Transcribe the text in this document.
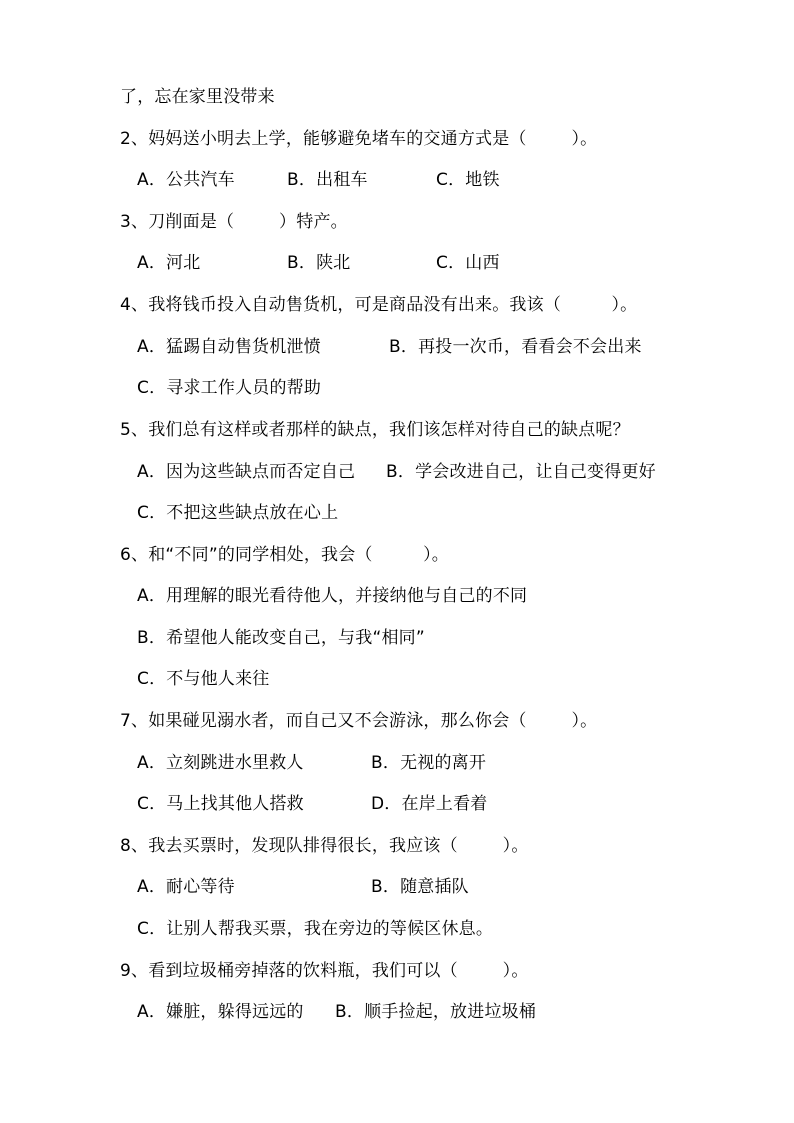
了，忘在家里没带来
2、妈妈送小明去上学，能够避免堵车的交通方式是（        ）。
A．公共汽车	B．出租车	C．地铁
3、刀削面是（        ）特产。
A．河北	B．陕北	C．山西
4、我将钱币投入自动售货机，可是商品没有出来。我该（         ）。
A．猛踢自动售货机泄愤	B．再投一次币，看看会不会出来
C．寻求工作人员的帮助
5、我们总有这样或者那样的缺点，我们该怎样对待自己的缺点呢？
A．因为这些缺点而否定自己 B．学会改进自己，让自己变得更好
C．不把这些缺点放在心上
6、和“不同”的同学相处，我会（         ）。
A．用理解的眼光看待他人，并接纳他与自己的不同
B．希望他人能改变自己，与我“相同”
C．不与他人来往
7、如果碰见溺水者，而自己又不会游泳，那么你会（        ）。
A．立刻跳进水里救人	B．无视的离开
C．马上找其他人搭救	D．在岸上看着
8、我去买票时，发现队排得很长，我应该（        ）。
A．耐心等待	B．随意插队
C．让别人帮我买票，我在旁边的等候区休息。
9、看到垃圾桶旁掉落的饮料瓶，我们可以（        ）。
A．嫌脏，躲得远远的 B．顺手捡起，放进垃圾桶
